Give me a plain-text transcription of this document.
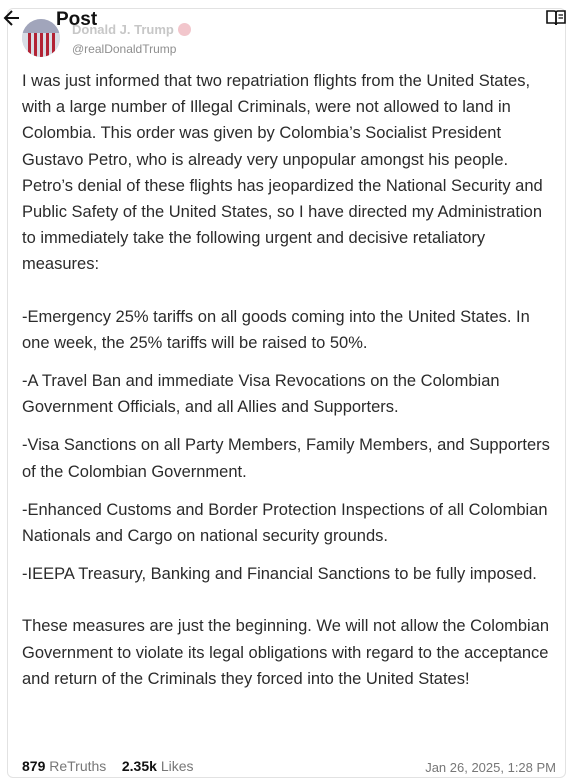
Post
Donald J. Trump
@realDonaldTrump

I was just informed that two repatriation flights from the United States, with a large number of Illegal Criminals, were not allowed to land in Colombia. This order was given by Colombia’s Socialist President Gustavo Petro, who is already very unpopular amongst his people. Petro’s denial of these flights has jeopardized the National Security and Public Safety of the United States, so I have directed my Administration to immediately take the following urgent and decisive retaliatory measures:

-Emergency 25% tariffs on all goods coming into the United States. In one week, the 25% tariffs will be raised to 50%.

-A Travel Ban and immediate Visa Revocations on the Colombian Government Officials, and all Allies and Supporters.

-Visa Sanctions on all Party Members, Family Members, and Supporters of the Colombian Government.

-Enhanced Customs and Border Protection Inspections of all Colombian Nationals and Cargo on national security grounds.

-IEEPA Treasury, Banking and Financial Sanctions to be fully imposed.

These measures are just the beginning. We will not allow the Colombian Government to violate its legal obligations with regard to the acceptance and return of the Criminals they forced into the United States!

879 ReTruths 2.35k Likes	Jan 26, 2025, 1:28 PM
